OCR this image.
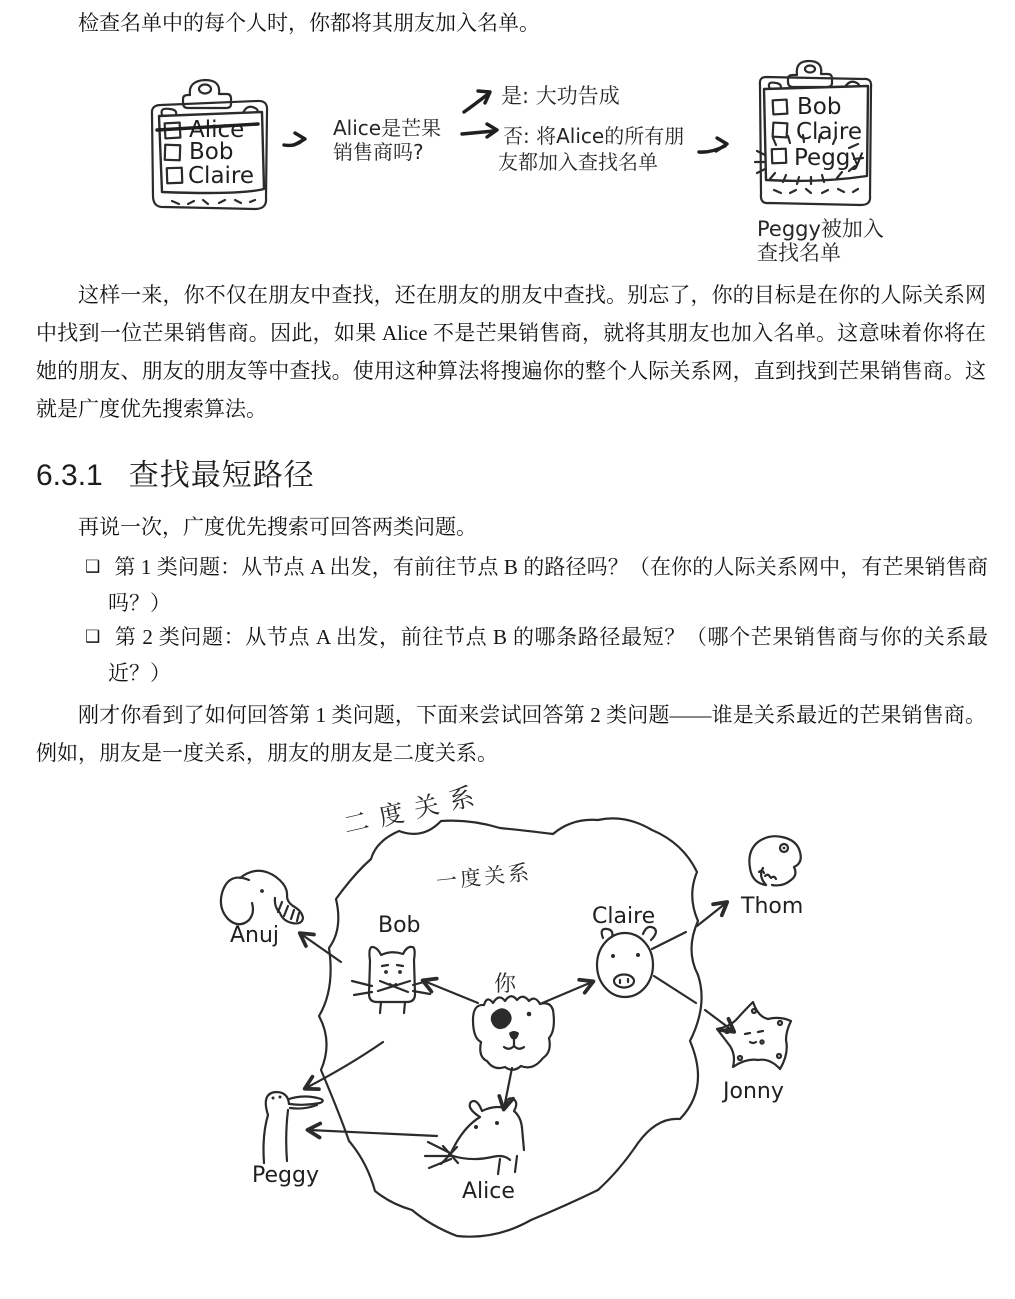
检查名单中的每个人时，你都将其朋友加入名单。
Alice
Bob
Claire
Alice是芒果
销售商吗?
是: 大功告成
否: 将Alice的所有朋
友都加入查找名单
Bob
Claire
Peggy
Peggy被加入
查找名单
这样一来，你不仅在朋友中查找，还在朋友的朋友中查找。别忘了，你的目标是在你的人际关系网中找到一位芒果销售商。因此，如果 Alice 不是芒果销售商，就将其朋友也加入名单。这意味着你将在她的朋友、朋友的朋友等中查找。使用这种算法将搜遍你的整个人际关系网，直到找到芒果销售商。这就是广度优先搜索算法。
6.3.1 查找最短路径
再说一次，广度优先搜索可回答两类问题。
❑ 第 1 类问题：从节点 A 出发，有前往节点 B 的路径吗？（在你的人际关系网中，有芒果销售商吗？）
❑ 第 2 类问题：从节点 A 出发，前往节点 B 的哪条路径最短？（哪个芒果销售商与你的关系最近？）
刚才你看到了如何回答第 1 类问题，下面来尝试回答第 2 类问题——谁是关系最近的芒果销售商。例如，朋友是一度关系，朋友的朋友是二度关系。
二度关系
一度关系
你
Anuj	Bob	Claire	Thom
Jonny
Peggy
Alice
